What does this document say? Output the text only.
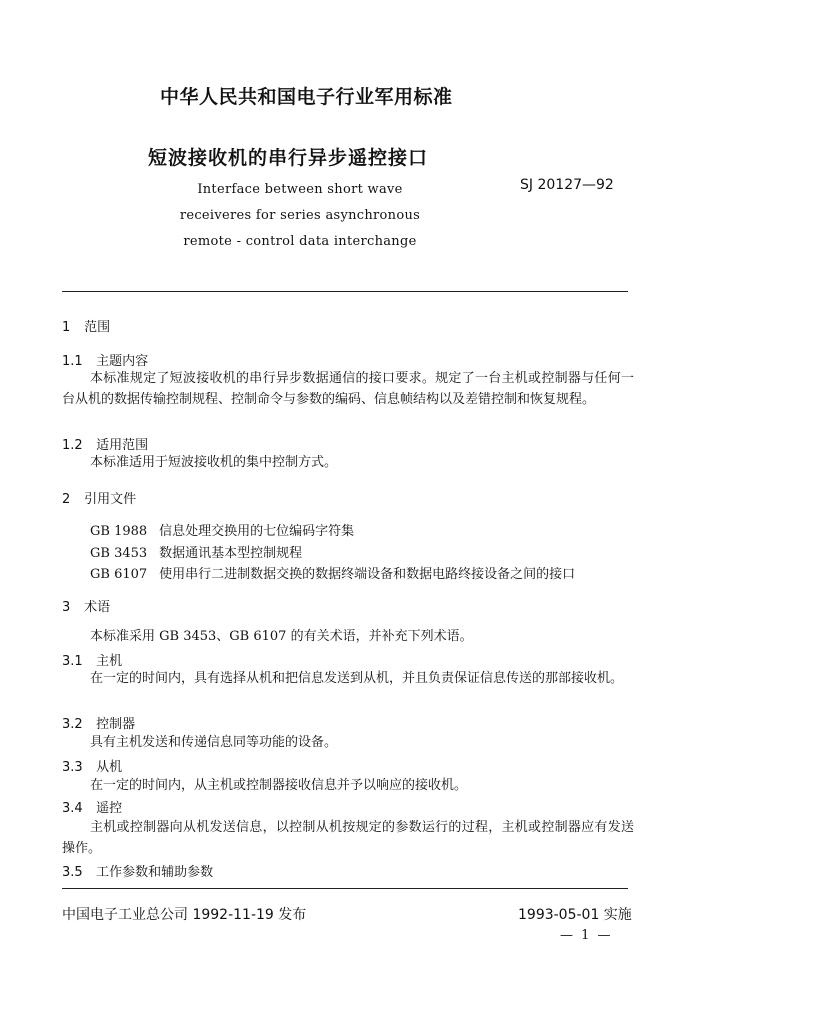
中华人民共和国电子行业军用标准
短波接收机的串行异步遥控接口
Interface between short wave
receiveres for series asynchronous
remote - control data interchange
SJ 20127—92
1 范围
1.1 主题内容
本标准规定了短波接收机的串行异步数据通信的接口要求。规定了一台主机或控制器与任何一台从机的数据传输控制规程、控制命令与参数的编码、信息帧结构以及差错控制和恢复规程。
1.2 适用范围
本标准适用于短波接收机的集中控制方式。
2 引用文件
GB 1988 信息处理交换用的七位编码字符集
GB 3453 数据通讯基本型控制规程
GB 6107 使用串行二进制数据交换的数据终端设备和数据电路终接设备之间的接口
3 术语
本标准采用 GB 3453、GB 6107 的有关术语，并补充下列术语。
3.1 主机
在一定的时间内，具有选择从机和把信息发送到从机，并且负责保证信息传送的那部接收机。
3.2 控制器
具有主机发送和传递信息同等功能的设备。
3.3 从机
在一定的时间内，从主机或控制器接收信息并予以响应的接收机。
3.4 遥控
主机或控制器向从机发送信息，以控制从机按规定的参数运行的过程，主机或控制器应有发送操作。
3.5 工作参数和辅助参数
中国电子工业总公司 1992-11-19 发布	1993-05-01 实施
— 1 —
